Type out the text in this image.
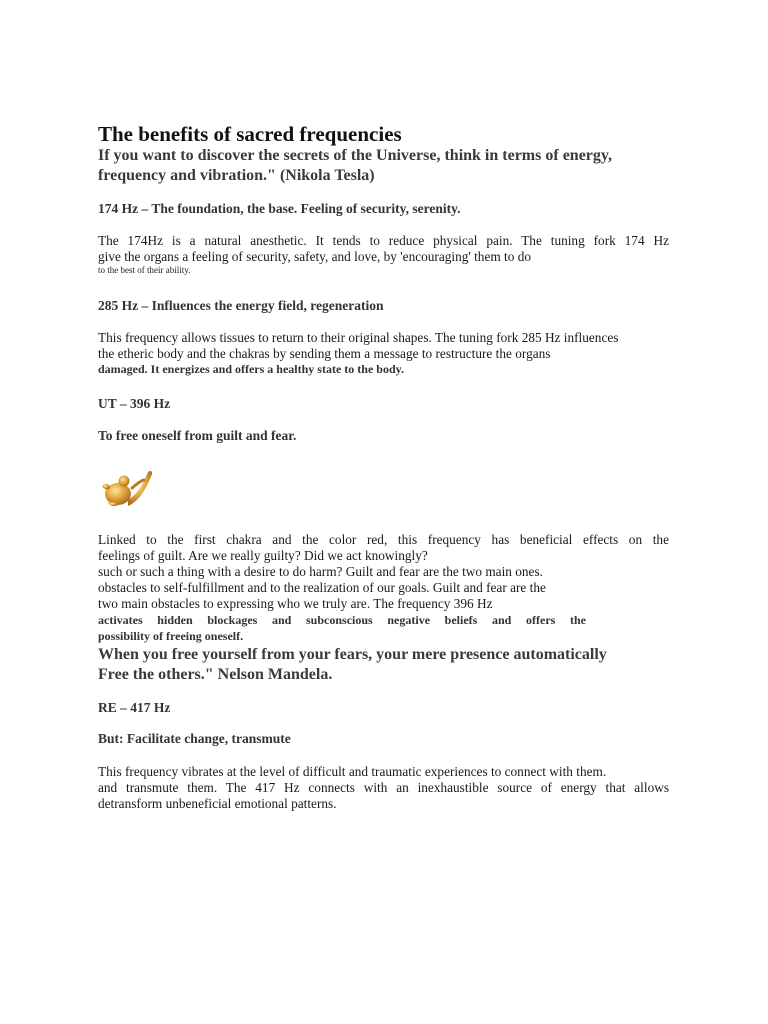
The benefits of sacred frequencies
If you want to discover the secrets of the Universe, think in terms of energy,
frequency and vibration." (Nikola Tesla)
174 Hz – The foundation, the base. Feeling of security, serenity.
The 174Hz is a natural anesthetic. It tends to reduce physical pain. The tuning fork 174 Hz
give the organs a feeling of security, safety, and love, by 'encouraging' them to do
to the best of their ability.
285 Hz – Influences the energy field, regeneration
This frequency allows tissues to return to their original shapes. The tuning fork 285 Hz influences
the etheric body and the chakras by sending them a message to restructure the organs
damaged. It energizes and offers a healthy state to the body.
UT – 396 Hz
To free oneself from guilt and fear.
Linked to the first chakra and the color red, this frequency has beneficial effects on the
feelings of guilt. Are we really guilty? Did we act knowingly?
such or such a thing with a desire to do harm? Guilt and fear are the two main ones.
obstacles to self-fulfillment and to the realization of our goals. Guilt and fear are the
two main obstacles to expressing who we truly are. The frequency 396 Hz
activates hidden blockages and subconscious negative beliefs and offers the
possibility of freeing oneself.
When you free yourself from your fears, your mere presence automatically
Free the others." Nelson Mandela.
RE – 417 Hz
But: Facilitate change, transmute
This frequency vibrates at the level of difficult and traumatic experiences to connect with them.
and transmute them. The 417 Hz connects with an inexhaustible source of energy that allows
detransform unbeneficial emotional patterns.
